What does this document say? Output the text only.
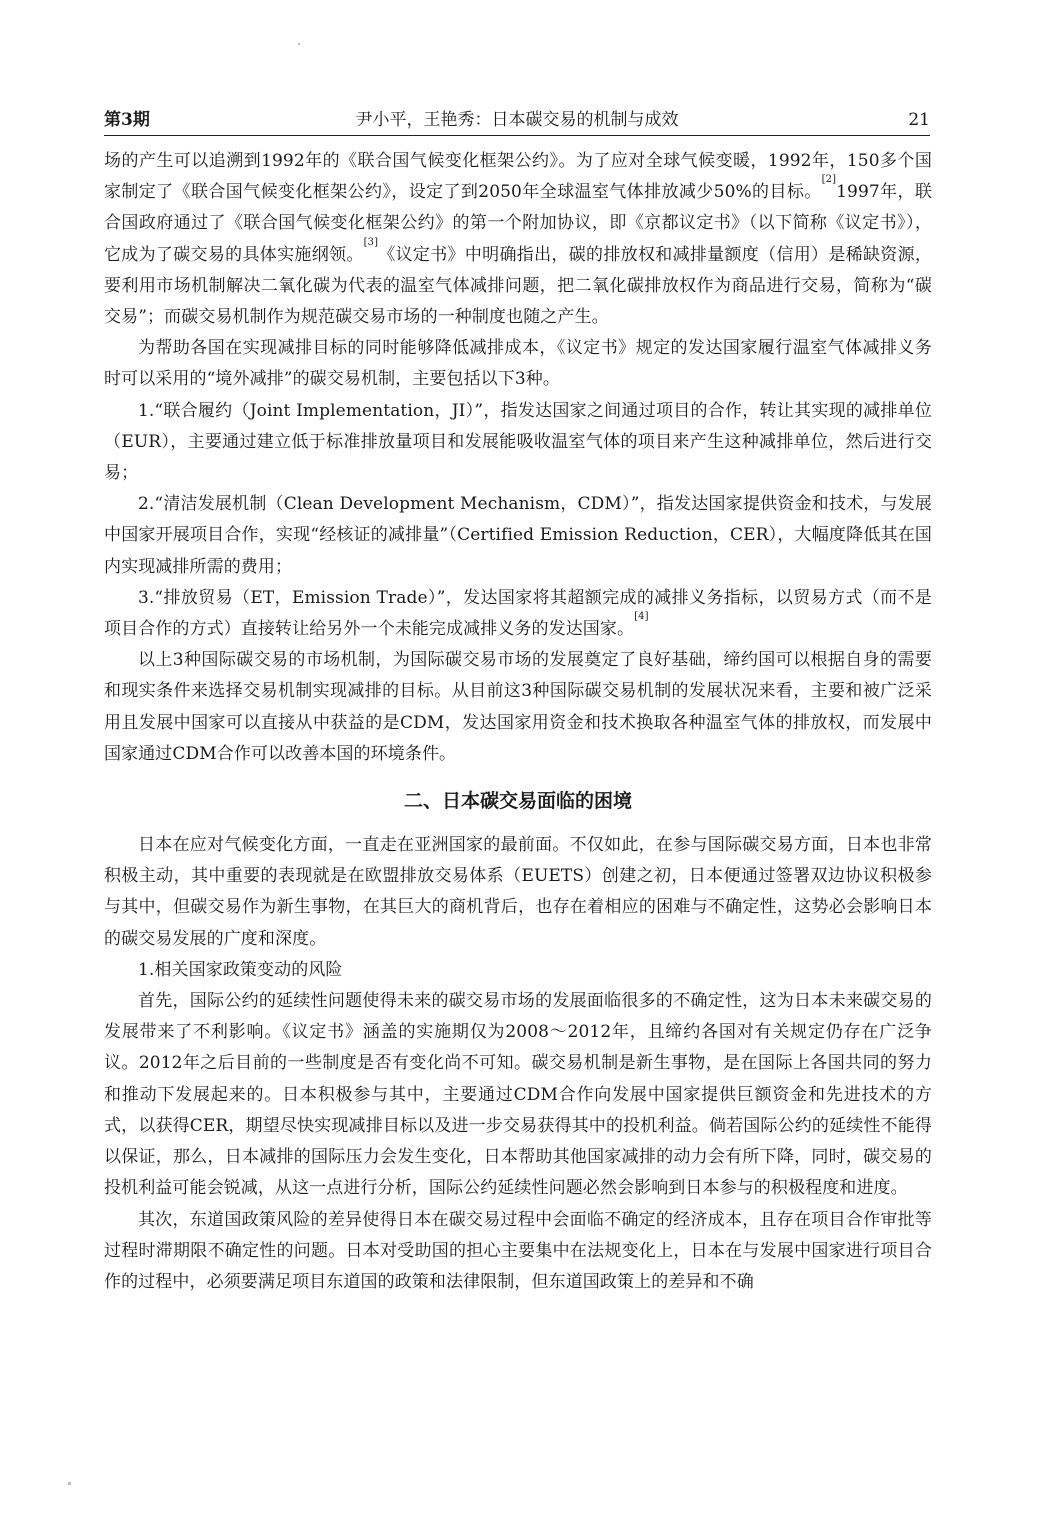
第3期	尹小平，王艳秀：日本碳交易的机制与成效	21

场的产生可以追溯到1992年的《联合国气候变化框架公约》。为了应对全球气候变暖，1992年，150多个国家制定了《联合国气候变化框架公约》，设定了到2050年全球温室气体排放减少50%的目标。[2]1997年，联合国政府通过了《联合国气候变化框架公约》的第一个附加协议，即《京都议定书》（以下简称《议定书》），它成为了碳交易的具体实施纲领。[3]《议定书》中明确指出，碳的排放权和减排量额度（信用）是稀缺资源，要利用市场机制解决二氧化碳为代表的温室气体减排问题，把二氧化碳排放权作为商品进行交易，简称为“碳交易”；而碳交易机制作为规范碳交易市场的一种制度也随之产生。

为帮助各国在实现减排目标的同时能够降低减排成本，《议定书》规定的发达国家履行温室气体减排义务时可以采用的“境外减排”的碳交易机制，主要包括以下3种。

1.“联合履约（Joint Implementation，JI）”，指发达国家之间通过项目的合作，转让其实现的减排单位（EUR），主要通过建立低于标准排放量项目和发展能吸收温室气体的项目来产生这种减排单位，然后进行交易；

2.“清洁发展机制（Clean Development Mechanism，CDM）”，指发达国家提供资金和技术，与发展中国家开展项目合作，实现“经核证的减排量”（Certified Emission Reduction，CER），大幅度降低其在国内实现减排所需的费用；

3.“排放贸易（ET，Emission Trade）”，发达国家将其超额完成的减排义务指标，以贸易方式（而不是项目合作的方式）直接转让给另外一个未能完成减排义务的发达国家。[4]

以上3种国际碳交易的市场机制，为国际碳交易市场的发展奠定了良好基础，缔约国可以根据自身的需要和现实条件来选择交易机制实现减排的目标。从目前这3种国际碳交易机制的发展状况来看，主要和被广泛采用且发展中国家可以直接从中获益的是CDM，发达国家用资金和技术换取各种温室气体的排放权，而发展中国家通过CDM合作可以改善本国的环境条件。

二、日本碳交易面临的困境

日本在应对气候变化方面，一直走在亚洲国家的最前面。不仅如此，在参与国际碳交易方面，日本也非常积极主动，其中重要的表现就是在欧盟排放交易体系（EUETS）创建之初，日本便通过签署双边协议积极参与其中，但碳交易作为新生事物，在其巨大的商机背后，也存在着相应的困难与不确定性，这势必会影响日本的碳交易发展的广度和深度。

1.相关国家政策变动的风险

首先，国际公约的延续性问题使得未来的碳交易市场的发展面临很多的不确定性，这为日本未来碳交易的发展带来了不利影响。《议定书》涵盖的实施期仅为2008～2012年，且缔约各国对有关规定仍存在广泛争议。2012年之后目前的一些制度是否有变化尚不可知。碳交易机制是新生事物，是在国际上各国共同的努力和推动下发展起来的。日本积极参与其中，主要通过CDM合作向发展中国家提供巨额资金和先进技术的方式，以获得CER，期望尽快实现减排目标以及进一步交易获得其中的投机利益。倘若国际公约的延续性不能得以保证，那么，日本减排的国际压力会发生变化，日本帮助其他国家减排的动力会有所下降，同时，碳交易的投机利益可能会锐减，从这一点进行分析，国际公约延续性问题必然会影响到日本参与的积极程度和进度。

其次，东道国政策风险的差异使得日本在碳交易过程中会面临不确定的经济成本，且存在项目合作审批等过程时滞期限不确定性的问题。日本对受助国的担心主要集中在法规变化上，日本在与发展中国家进行项目合作的过程中，必须要满足项目东道国的政策和法律限制，但东道国政策上的差异和不确
